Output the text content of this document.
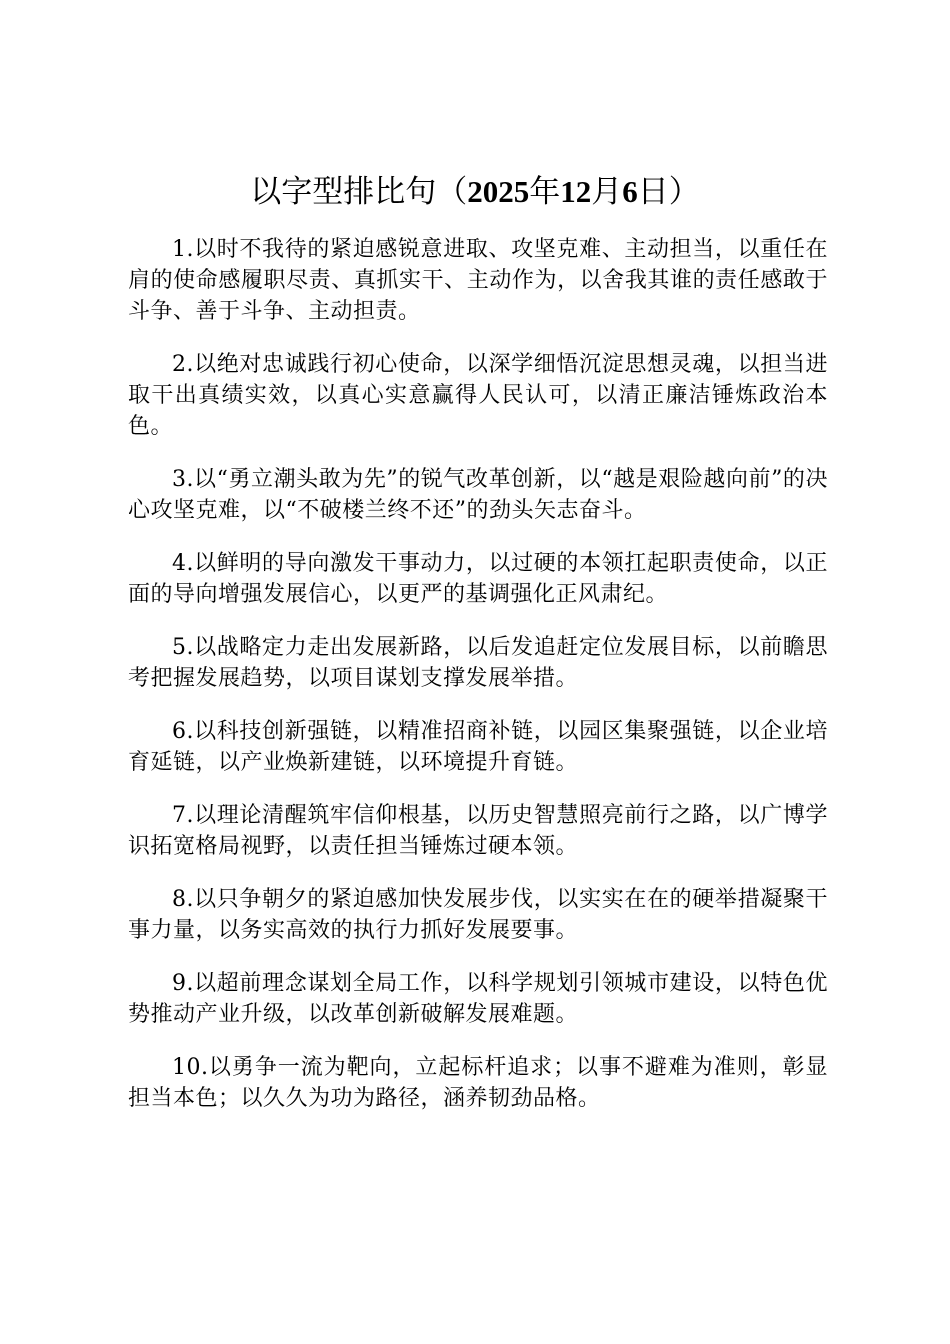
以字型排比句（2025年12月6日）
1.以时不我待的紧迫感锐意进取、攻坚克难、主动担当，以重任在肩的使命感履职尽责、真抓实干、主动作为，以舍我其谁的责任感敢于斗争、善于斗争、主动担责。
2.以绝对忠诚践行初心使命，以深学细悟沉淀思想灵魂，以担当进取干出真绩实效，以真心实意赢得人民认可，以清正廉洁锤炼政治本色。
3.以“勇立潮头敢为先”的锐气改革创新，以“越是艰险越向前”的决心攻坚克难，以“不破楼兰终不还”的劲头矢志奋斗。
4.以鲜明的导向激发干事动力，以过硬的本领扛起职责使命，以正面的导向增强发展信心，以更严的基调强化正风肃纪。
5.以战略定力走出发展新路，以后发追赶定位发展目标，以前瞻思考把握发展趋势，以项目谋划支撑发展举措。
6.以科技创新强链，以精准招商补链，以园区集聚强链，以企业培育延链，以产业焕新建链，以环境提升育链。
7.以理论清醒筑牢信仰根基，以历史智慧照亮前行之路，以广博学识拓宽格局视野，以责任担当锤炼过硬本领。
8.以只争朝夕的紧迫感加快发展步伐，以实实在在的硬举措凝聚干事力量，以务实高效的执行力抓好发展要事。
9.以超前理念谋划全局工作，以科学规划引领城市建设，以特色优势推动产业升级，以改革创新破解发展难题。
10.以勇争一流为靶向，立起标杆追求；以事不避难为准则，彰显担当本色；以久久为功为路径，涵养韧劲品格。
